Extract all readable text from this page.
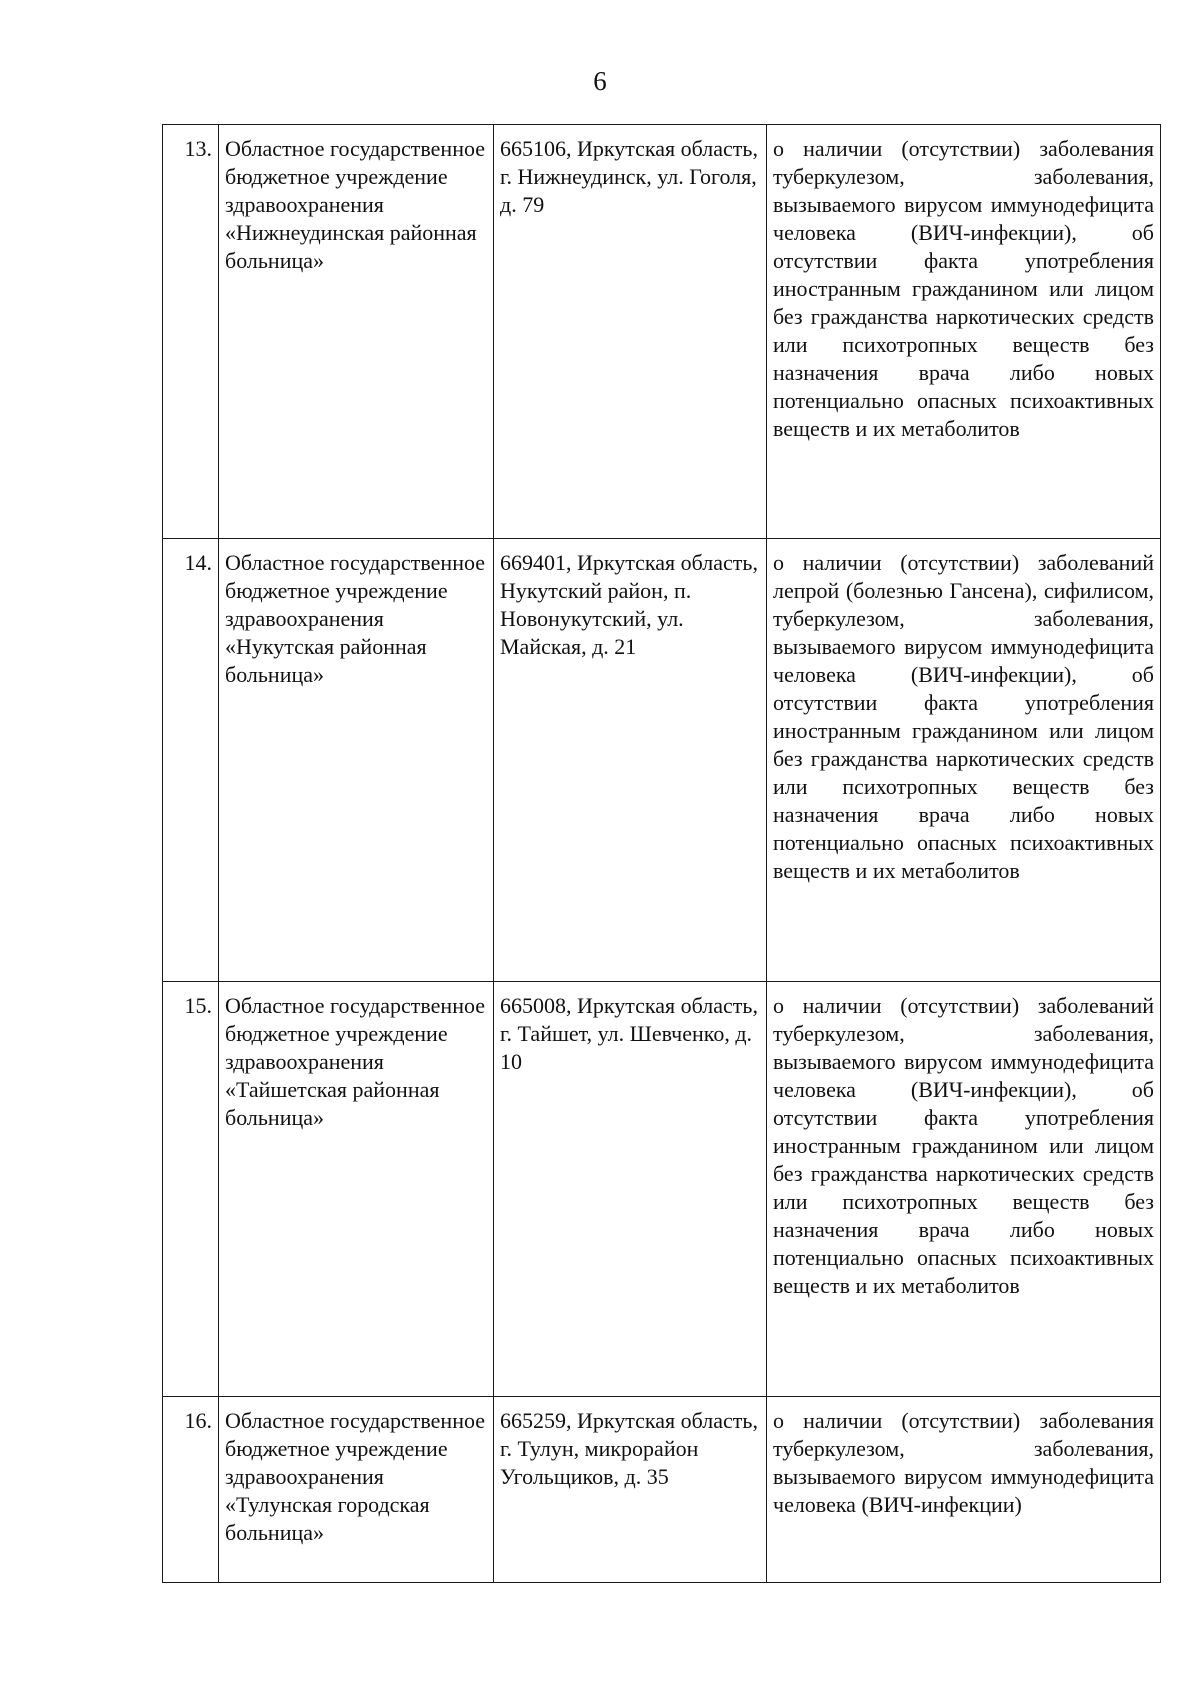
6
13.	Областное государственное бюджетное учреждение здравоохранения «Нижнеудинская районная больница»	665106, Иркутская область, г. Нижнеудинск, ул. Гоголя, д. 79	о наличии (отсутствии) заболевания туберкулезом, заболевания, вызываемого вирусом иммунодефицита человека (ВИЧ-инфекции), об отсутствии факта употребления иностранным гражданином или лицом без гражданства наркотических средств или психотропных веществ без назначения врача либо новых потенциально опасных психоактивных веществ и их метаболитов
14.	Областное государственное бюджетное учреждение здравоохранения «Нукутская районная больница»	669401, Иркутская область, Нукутский район, п. Новонукутский, ул. Майская, д. 21	о наличии (отсутствии) заболеваний лепрой (болезнью Гансена), сифилисом, туберкулезом, заболевания, вызываемого вирусом иммунодефицита человека (ВИЧ-инфекции), об отсутствии факта употребления иностранным гражданином или лицом без гражданства наркотических средств или психотропных веществ без назначения врача либо новых потенциально опасных психоактивных веществ и их метаболитов
15.	Областное государственное бюджетное учреждение здравоохранения «Тайшетская районная больница»	665008, Иркутская область, г. Тайшет, ул. Шевченко, д. 10	о наличии (отсутствии) заболеваний туберкулезом, заболевания, вызываемого вирусом иммунодефицита человека (ВИЧ-инфекции), об отсутствии факта употребления иностранным гражданином или лицом без гражданства наркотических средств или психотропных веществ без назначения врача либо новых потенциально опасных психоактивных веществ и их метаболитов
16.	Областное государственное бюджетное учреждение здравоохранения «Тулунская городская больница»	665259, Иркутская область, г. Тулун, микрорайон Угольщиков, д. 35	о наличии (отсутствии) заболевания туберкулезом, заболевания, вызываемого вирусом иммунодефицита человека (ВИЧ-инфекции)
